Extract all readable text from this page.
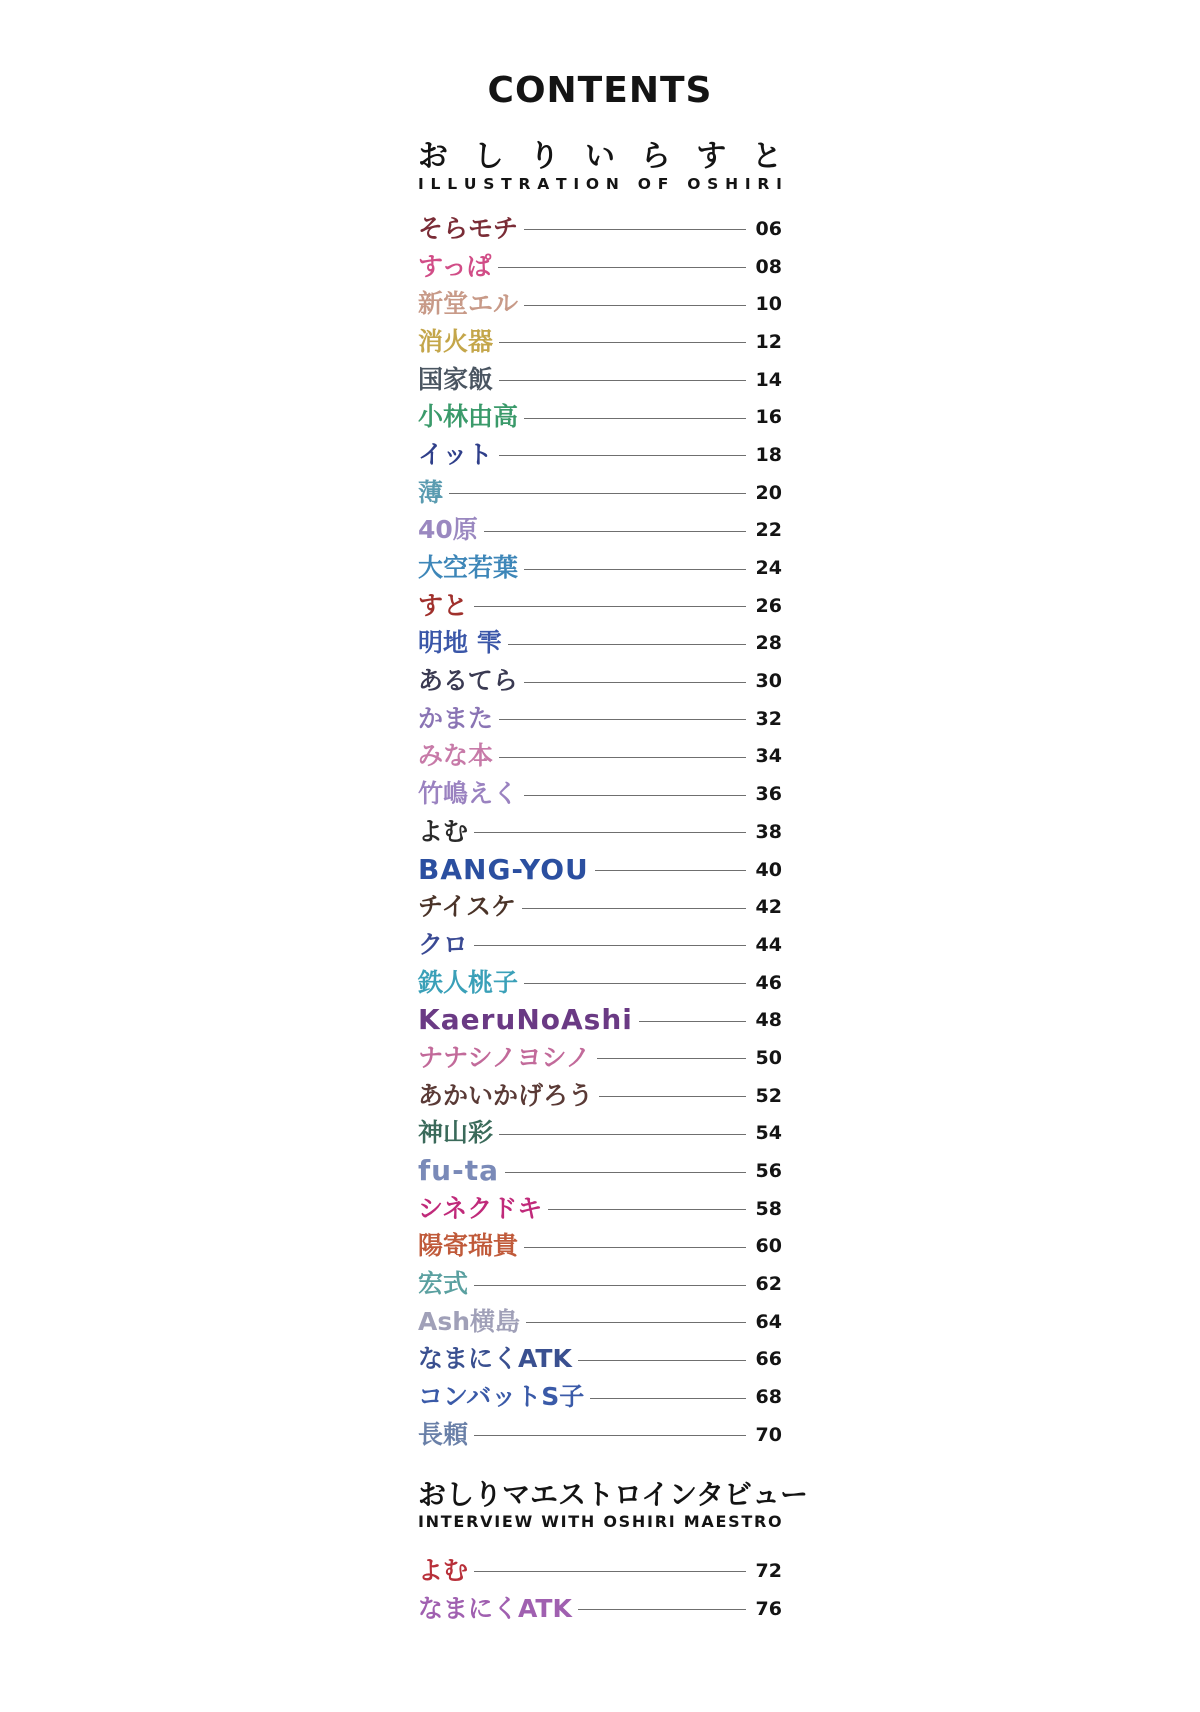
CONTENTS
お し り い ら す と
I L L U S T R A T I O N
O F
O S H I R I
そらモチ	06
すっぱ	08
新堂エル	10
消火器	12
国家飯	14
小林由高	16
イット	18
薄	20
40原	22
大空若葉	24
すと	26
明地 雫	28
あるてら	30
かまた	32
みな本	34
竹嶋えく	36
よむ	38
BANG-YOU	40
チイスケ	42
クロ	44
鉄人桃子	46
KaeruNoAshi	48
ナナシノヨシノ	50
あかいかげろう	52
神山彩	54
fu-ta	56
シネクドキ	58
陽寄瑞貴	60
宏式	62
Ash横島	64
なまにくATK	66
コンバットS子	68
長頼	70
おしりマエストロインタビュー
I N T E R V I E W
W I T H
O S H I R I
M A E S T R O
よむ	72
なまにくATK	76
